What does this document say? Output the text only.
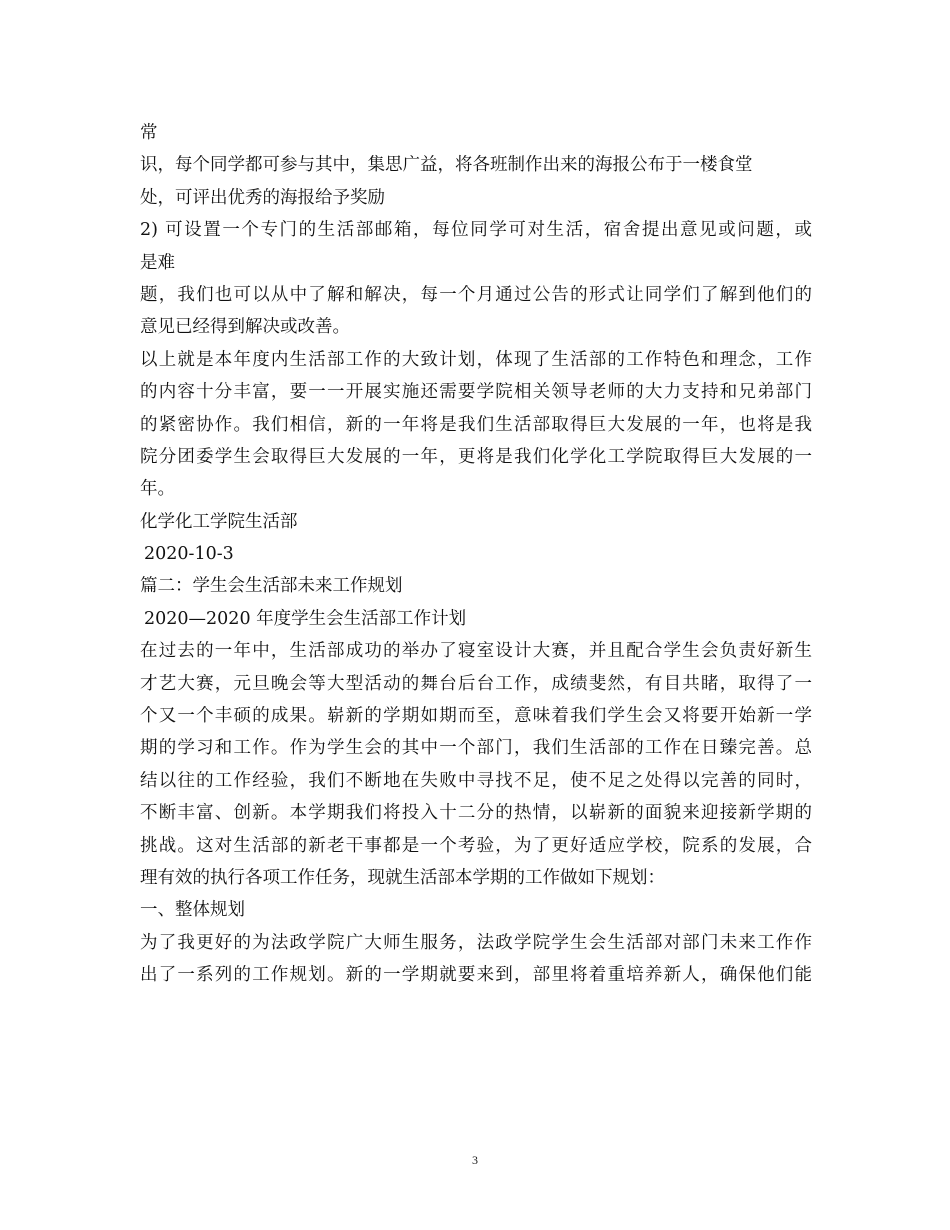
常
识，每个同学都可参与其中，集思广益，将各班制作出来的海报公布于一楼食堂
处，可评出优秀的海报给予奖励
2) 可设置一个专门的生活部邮箱，每位同学可对生活，宿舍提出意见或问题，或
是难
题，我们也可以从中了解和解决，每一个月通过公告的形式让同学们了解到他们的
意见已经得到解决或改善。
以上就是本年度内生活部工作的大致计划，体现了生活部的工作特色和理念，工作
的内容十分丰富，要一一开展实施还需要学院相关领导老师的大力支持和兄弟部门
的紧密协作。我们相信，新的一年将是我们生活部取得巨大发展的一年，也将是我
院分团委学生会取得巨大发展的一年，更将是我们化学化工学院取得巨大发展的一
年。
化学化工学院生活部
2020-10-3
篇二：学生会生活部未来工作规划
2020—2020 年度学生会生活部工作计划
在过去的一年中，生活部成功的举办了寝室设计大赛，并且配合学生会负责好新生
才艺大赛，元旦晚会等大型活动的舞台后台工作，成绩斐然，有目共睹，取得了一
个又一个丰硕的成果。崭新的学期如期而至，意味着我们学生会又将要开始新一学
期的学习和工作。作为学生会的其中一个部门，我们生活部的工作在日臻完善。总
结以往的工作经验，我们不断地在失败中寻找不足，使不足之处得以完善的同时，
不断丰富、创新。本学期我们将投入十二分的热情，以崭新的面貌来迎接新学期的
挑战。这对生活部的新老干事都是一个考验，为了更好适应学校，院系的发展，合
理有效的执行各项工作任务，现就生活部本学期的工作做如下规划：
一、整体规划
为了我更好的为法政学院广大师生服务，法政学院学生会生活部对部门未来工作作
出了一系列的工作规划。新的一学期就要来到，部里将着重培养新人，确保他们能
3
